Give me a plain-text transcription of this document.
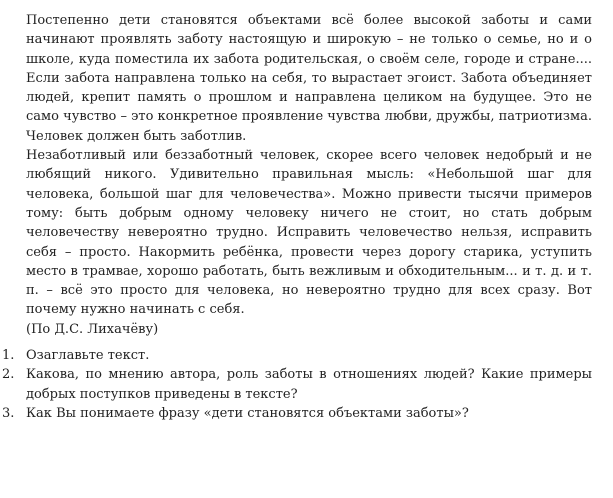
Постепенно дети становятся объектами всё более высокой заботы и сами начинают проявлять заботу настоящую и широкую – не только о семье, но и о школе, куда поместила их забота родительская, о своём селе, городе и стране.... Если забота направлена только на себя, то вырастает эгоист. Забота объединяет людей, крепит память о прошлом и направлена целиком на будущее. Это не само чувство – это конкретное проявление чувства любви, дружбы, патриотизма. Человек должен быть заботлив.

Незаботливый или беззаботный человек, скорее всего человек недобрый и не любящий никого. Удивительно правильная мысль: «Небольшой шаг для человека, большой шаг для человечества». Можно привести тысячи примеров тому: быть добрым одному человеку ничего не стоит, но стать добрым человечеству невероятно трудно. Исправить человечество нельзя, исправить себя – просто. Накормить ребёнка, провести через дорогу старика, уступить место в трамвае, хорошо работать, быть вежливым и обходительным... и т. д. и т. п. – всё это просто для человека, но невероятно трудно для всех сразу. Вот почему нужно начинать с себя.

(По Д.С. Лихачёву)

1. Озаглавьте текст.
2. Какова, по мнению автора, роль заботы в отношениях людей? Какие примеры добрых поступков приведены в тексте?
3. Как Вы понимаете фразу «дети становятся объектами заботы»?
